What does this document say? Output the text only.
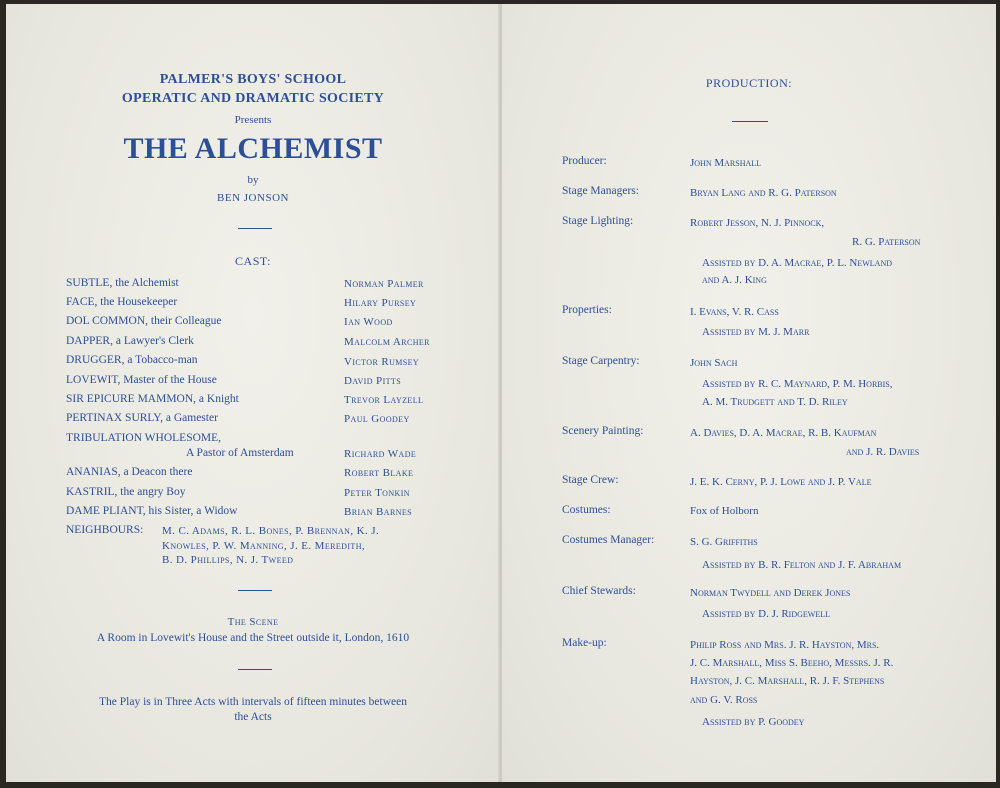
PALMER'S BOYS' SCHOOL
OPERATIC AND DRAMATIC SOCIETY
Presents
THE ALCHEMIST
by
BEN JONSON
CAST:
SUBTLE, the Alchemist	Norman Palmer
FACE, the Housekeeper	Hilary Pursey
DOL COMMON, their Colleague	Ian Wood
DAPPER, a Lawyer's Clerk	Malcolm Archer
DRUGGER, a Tobacco-man	Victor Rumsey
LOVEWIT, Master of the House	David Pitts
SIR EPICURE MAMMON, a Knight	Trevor Layzell
PERTINAX SURLY, a Gamester	Paul Goodey
TRIBULATION WHOLESOME,
A Pastor of Amsterdam	Richard Wade
ANANIAS, a Deacon there	Robert Blake
KASTRIL, the angry Boy	Peter Tonkin
DAME PLIANT, his Sister, a Widow	Brian Barnes
NEIGHBOURS: M. C. Adams, R. L. Bones, P. Brennan, K. J.
Knowles, P. W. Manning, J. E. Meredith,
B. D. Phillips, N. J. Tweed
The Scene
A Room in Lovewit's House and the Street outside it, London, 1610
The Play is in Three Acts with intervals of fifteen minutes between
the Acts
PRODUCTION:
Producer:	John Marshall
Stage Managers:	Bryan Lang and R. G. Paterson
Stage Lighting:	Robert Jesson, N. J. Pinnock,
R. G. Paterson
Assisted by D. A. Macrae, P. L. Newland
and A. J. King
Properties:	I. Evans, V. R. Cass
Assisted by M. J. Marr
Stage Carpentry:	John Sach
Assisted by R. C. Maynard, P. M. Horbis,
A. M. Trudgett and T. D. Riley
Scenery Painting:	A. Davies, D. A. Macrae, R. B. Kaufman
and J. R. Davies
Stage Crew:	J. E. K. Cerny, P. J. Lowe and J. P. Vale
Costumes:	Fox of Holborn
Costumes Manager:	S. G. Griffiths
Assisted by B. R. Felton and J. F. Abraham
Chief Stewards:	Norman Twydell and Derek Jones
Assisted by D. J. Ridgewell
Make-up:	Philip Ross and Mrs. J. R. Hayston, Mrs.
J. C. Marshall, Miss S. Beeho, Messrs. J. R.
Hayston, J. C. Marshall, R. J. F. Stephens
and G. V. Ross
Assisted by P. Goodey
